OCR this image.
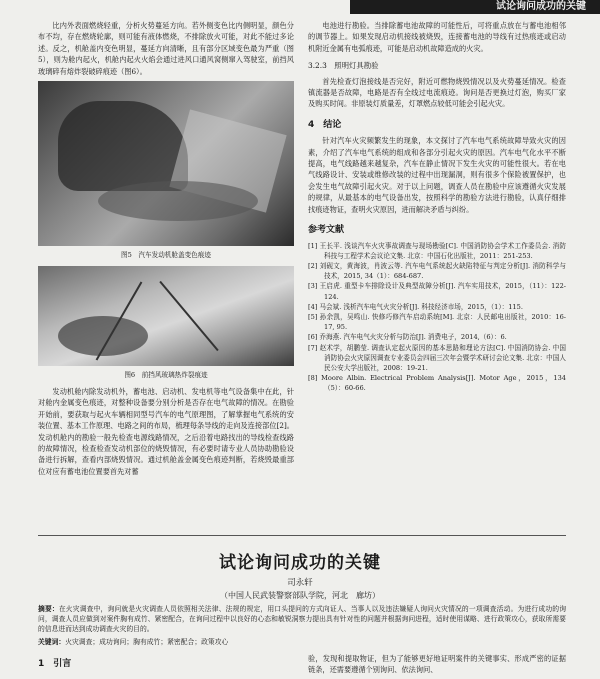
试论询问成功的关键

比内外表面燃烧轻重，分析火势蔓延方向。若外侧变色比内侧明显，颜色分布不均，存在燃烧轮廓，则可能有液体燃烧，不排除放火可能，对此不能过多论述。反之，机舱盖内变色明显，蔓延方向清晰，且有部分区域变色最为严重（图5），则为舱内起火，机舱内起火火焰会通过进风口通风窝侧窜入驾驶室，前挡风玻璃碎有熔炸裂破碎痕迹（图6）。

图5　汽车发动机舱盖变色痕迹
图6　前挡风玻璃热炸裂痕迹

发动机舱内除发动机外，蓄电池、启动机、发电机等电气设备集中在此，针对舱内金属变色痕迹，对整种设备要分别分析是否存在电气故障的情况。在勘验开始前，要获取与起火车辆相同型号汽车的电气原理图，了解掌握电气系统的安装位置、基本工作原理、电路之间的布局，梳理每条导线的走向及连接部位[2]。发动机舱内的勘验一般先检查电源线路情况，之后沿着电路找出的导线检查线路的故障情况，检查检查发动机部位的烧毁情况，有必要时请专业人员协助勘验设备进行拆解，查看内部烧毁情况。通过机舱盖金属变色痕迹判断，若烧毁最重部位对应有蓄电池位置要首先对蓄

电池进行勘验。当排除蓄电池故障的可能性后，可将重点放在与蓄电池相邻的调节器上。如果发现启动机接线被烧毁，连接蓄电池的导线有过热痕迹或启动机附近金属有电弧痕迹，可能是启动机故障造成的火灾。

3.2.3　照明灯具勘验

首先检查灯泡接线是否完好，附近可燃物烧毁情况以及火势蔓延情况。检查镇流器是否故障，电路是否有全线过电流痕迹。询问是否更换过灯泡，购买厂家及购买时间。非原装灯质量差，灯罩燃点较低可能会引起火灾。

4　结论

针对汽车火灾频繁发生的现象，本文探讨了汽车电气系统故障导致火灾的因素，介绍了汽车电气系统的组成和各部分引起火灾的原因。汽车电气化水平不断提高，电气线路越来越复杂，汽车在静止情况下发生火灾的可能性很大。若在电气线路设计、安装或维修改装的过程中出现漏洞，则有很多个保险被置保护，也会发生电气故障引起火灾。对于以上问题，调查人员在勘验中应该遵循火灾发展的规律，从最基本的电气设备出发，按照科学的勘验方法进行勘验，认真仔细排找痕迹物证，查明火灾原因，进而解决矛盾与纠纷。

参考文献
[1] 王长平. 浅谈汽车火灾事故调查与现场勘验[C]. 中国消防协会学术工作委员会. 消防科技与工程学术会议论文集. 北京：中国石化出版社，2011：251-253.
[2] 刘砚文，黄海波，肖波云等. 汽车电气系统起火缺陷特征与判定分析[J]. 消防科学与技术，2015, 34（1）：684-687.
[3] 王启虎. 重型卡车排除设计及典型故障分析[J]. 汽车实用技术，2015，（11）：122-124.
[4] 马会斌. 浅析汽车电气火灾分析[J]. 科技经济市场，2015，（1）：115.
[5] 孙余凯，吴鸣山. 快修巧修汽车启动系统[M]. 北京：人民邮电出版社，2010：16-17, 95.
[6] 乔海燕. 汽车电气火灾分析与防治[J]. 消费电子，2014,（6）：6.
[7] 赵术学，胡鹏莹. 调查认定起火原因的基本思路和理论方法[C]. 中国消防协会. 中国消防协会火灾原因调查专业委员会四届三次年会暨学术研讨会论文集. 北京：中国人民公安大学出版社，2008：19-21.
[8] Moore Albin. Electrical Problem Analysis[J]. Motor Age，2015，134（5）：60-66.
试论询问成功的关键
司永轩
（中国人民武装警察部队学院，河北　廊坊）
摘要：在火灾调查中，询问就是火灾调查人员依照相关法律、法规的规定，用口头提问的方式向证人、当事人以及违法嫌疑人询问火灾情况的一项调查活动。为进行成功的询问，调查人员应做到对案件胸有成竹、紧密配合，在询问过程中以良好的心态和敏锐洞察力提出具有针对性的问题并根据询问进程，适时使用谋略、进行政策攻心，获取所需要的信息进而达到成功调查火灾的目的。
关键词：火灾调查；成功询问；胸有成竹；紧密配合；政策攻心
1　引言
验，发现和提取物证，但为了能够更好地证明案件的关键事实、形成严密的证据链条，还需要遵循个别询问、依法询问、
